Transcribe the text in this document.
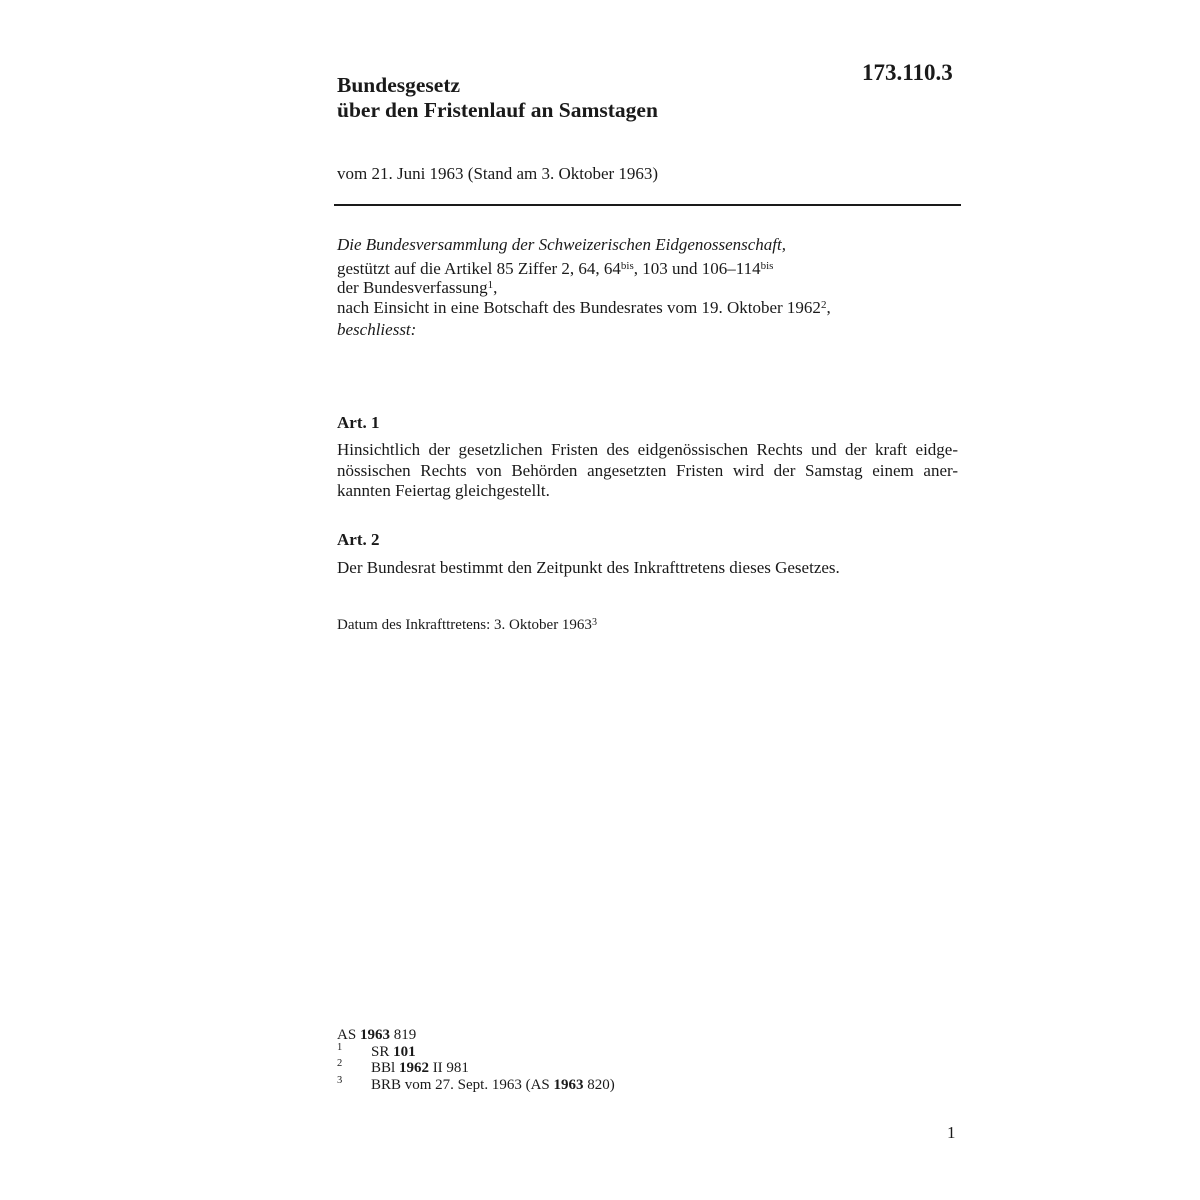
173.110.3
Bundesgesetz
über den Fristenlauf an Samstagen
vom 21. Juni 1963 (Stand am 3. Oktober 1963)
Die Bundesversammlung der Schweizerischen Eidgenossenschaft,
gestützt auf die Artikel 85 Ziffer 2, 64, $64^{bis}$, 103 und $106-114^{bis}$
der Bundesverfassung$^1$,
nach Einsicht in eine Botschaft des Bundesrates vom 19. Oktober 1962$^2$,
beschliesst:
Art. 1
Hinsichtlich der gesetzlichen Fristen des eidgenössischen Rechts und der kraft eidge-
nössischen Rechts von Behörden angesetzten Fristen wird der Samstag einem aner-
kannten Feiertag gleichgestellt.
Art. 2
Der Bundesrat bestimmt den Zeitpunkt des Inkrafttretens dieses Gesetzes.
Datum des Inkrafttretens: 3. Oktober 1963$^3$
AS 1963 819
1	SR 101
2	BBl 1962 II 981
3	BRB vom 27. Sept. 1963 (AS 1963 820)
1
